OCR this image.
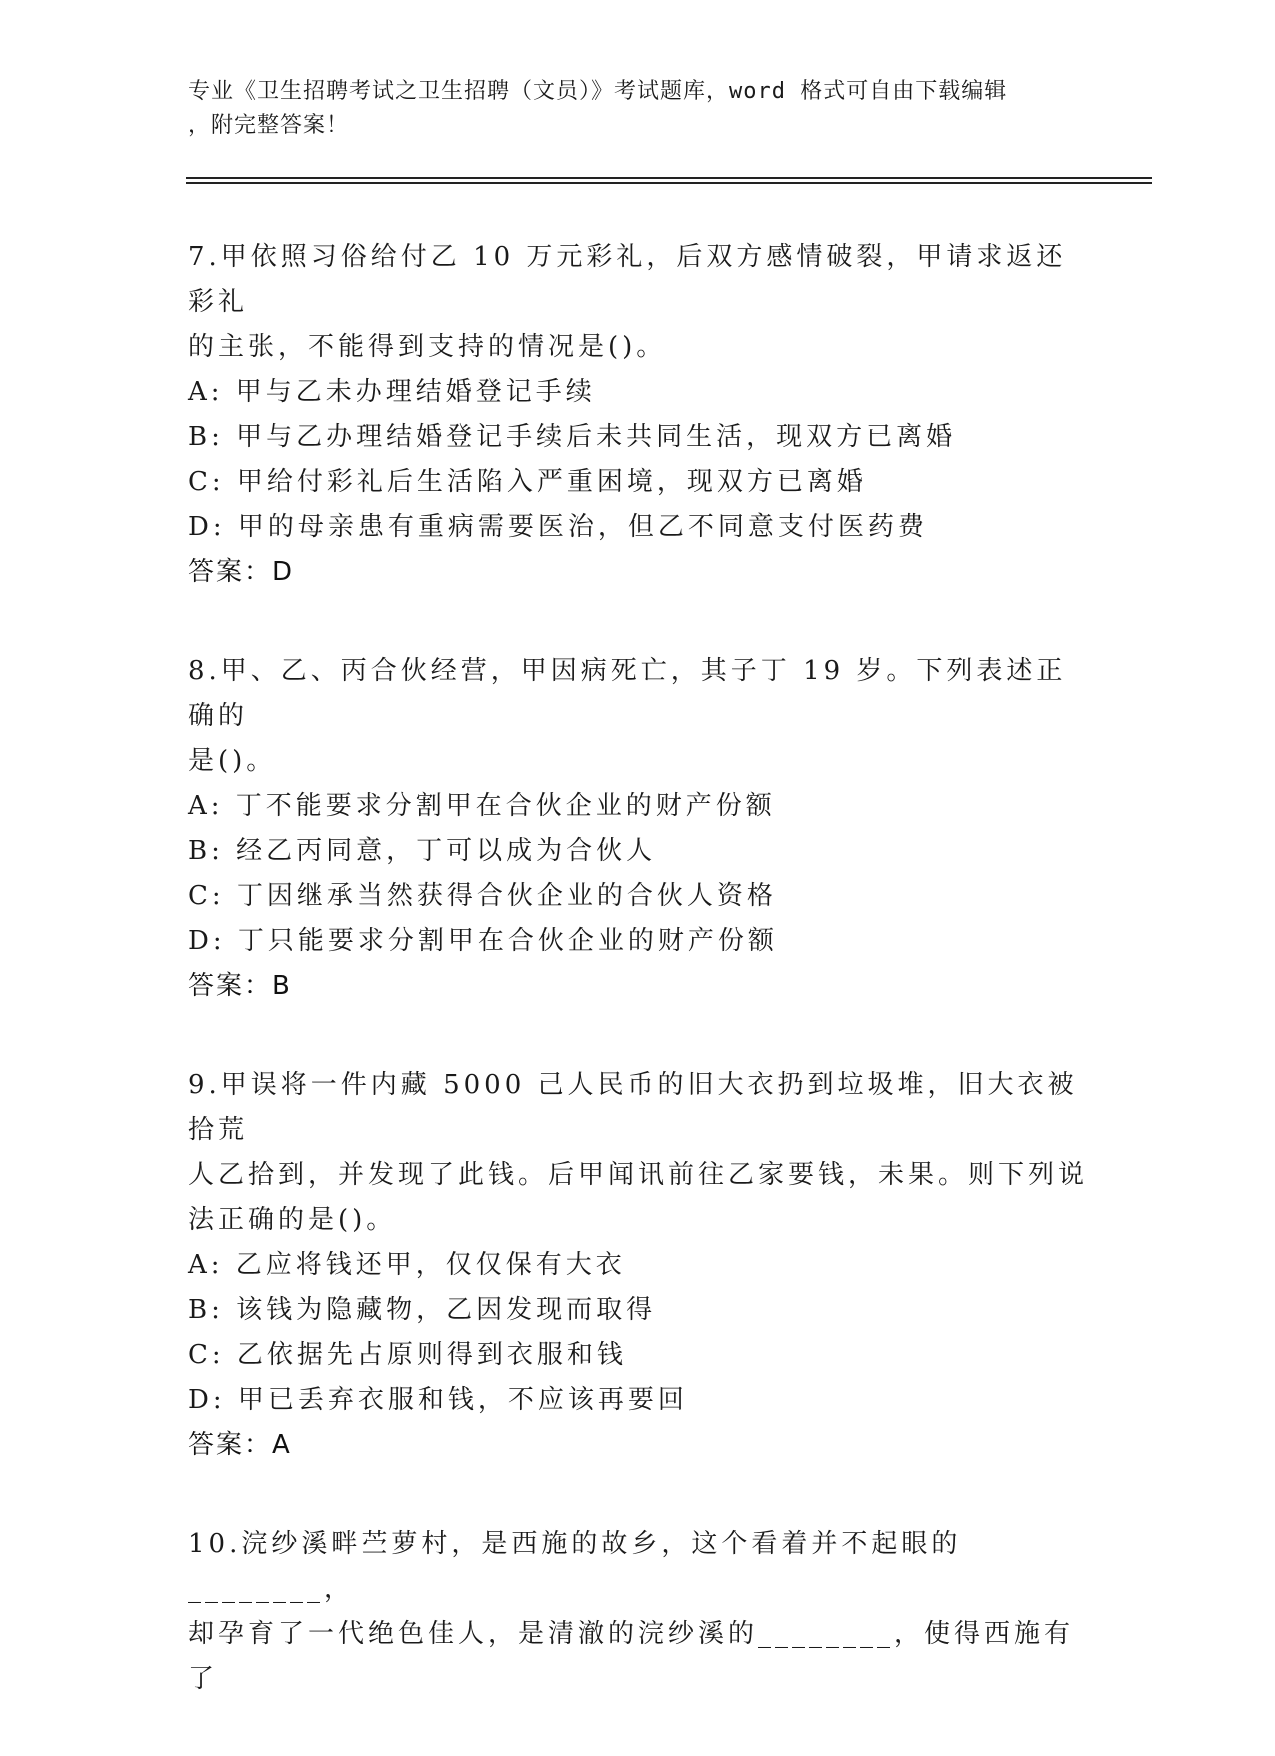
专业《卫生招聘考试之卫生招聘（文员）》考试题库，word 格式可自由下载编辑
，附完整答案！

7.甲依照习俗给付乙 10 万元彩礼，后双方感情破裂，甲请求返还彩礼

的主张，不能得到支持的情况是()。

A: 甲与乙未办理结婚登记手续

B: 甲与乙办理结婚登记手续后未共同生活，现双方已离婚

C: 甲给付彩礼后生活陷入严重困境，现双方已离婚

D: 甲的母亲患有重病需要医治，但乙不同意支付医药费

答案：D

8.甲、乙、丙合伙经营，甲因病死亡，其子丁 19 岁。下列表述正确的

是()。

A: 丁不能要求分割甲在合伙企业的财产份额

B: 经乙丙同意，丁可以成为合伙人

C: 丁因继承当然获得合伙企业的合伙人资格

D: 丁只能要求分割甲在合伙企业的财产份额

答案：B

9.甲误将一件内藏 5000 己人民币的旧大衣扔到垃圾堆，旧大衣被拾荒

人乙拾到，并发现了此钱。后甲闻讯前往乙家要钱，未果。则下列说

法正确的是()。

A: 乙应将钱还甲，仅仅保有大衣

B: 该钱为隐藏物，乙因发现而取得

C: 乙依据先占原则得到衣服和钱

D: 甲已丢弃衣服和钱，不应该再要回

答案：A

10.浣纱溪畔苎萝村，是西施的故乡，这个看着并不起眼的________，

却孕育了一代绝色佳人，是清澈的浣纱溪的________，使得西施有了
